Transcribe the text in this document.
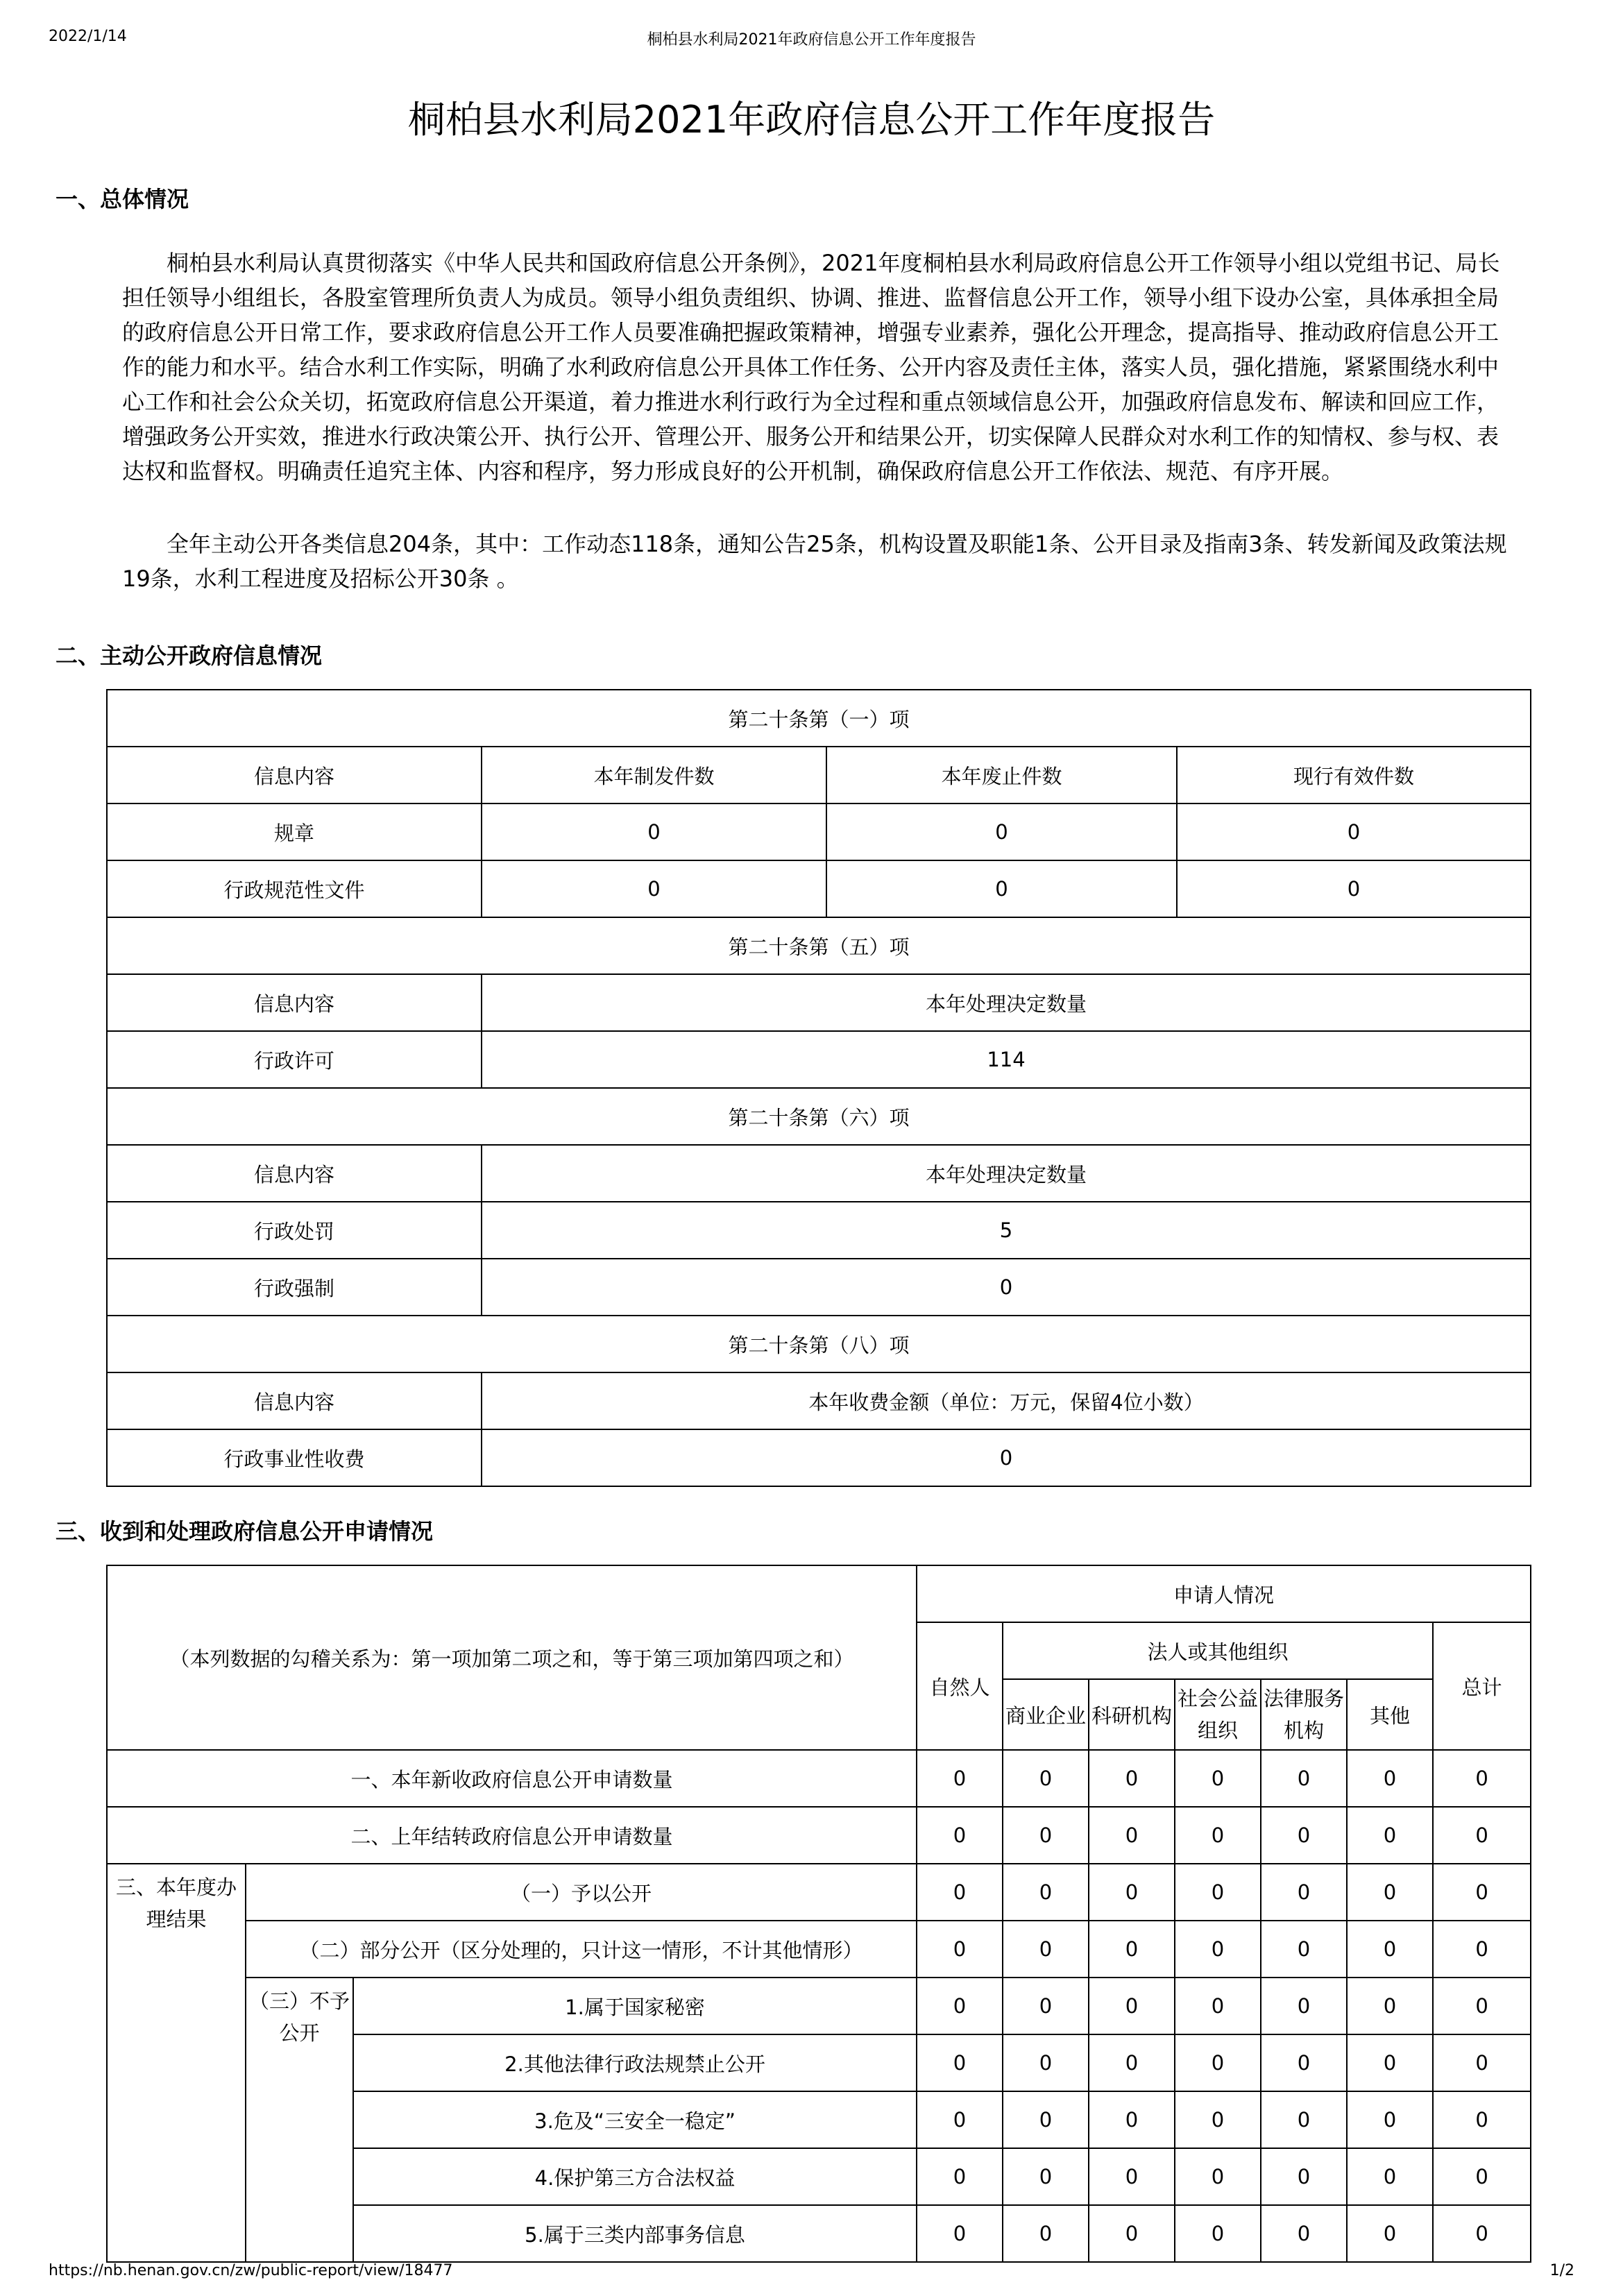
2022/1/14	桐柏县水利局2021年政府信息公开工作年度报告
桐柏县水利局2021年政府信息公开工作年度报告
一、总体情况

桐柏县水利局认真贯彻落实《中华人民共和国政府信息公开条例》，2021年度桐柏县水利局政府信息公开工作领导小组以党组书记、局长担任领导小组组长，各股室管理所负责人为成员。领导小组负责组织、协调、推进、监督信息公开工作，领导小组下设办公室，具体承担全局的政府信息公开日常工作，要求政府信息公开工作人员要准确把握政策精神，增强专业素养，强化公开理念，提高指导、推动政府信息公开工作的能力和水平。结合水利工作实际，明确了水利政府信息公开具体工作任务、公开内容及责任主体，落实人员，强化措施，紧紧围绕水利中心工作和社会公众关切，拓宽政府信息公开渠道，着力推进水利行政行为全过程和重点领域信息公开，加强政府信息发布、解读和回应工作，增强政务公开实效，推进水行政决策公开、执行公开、管理公开、服务公开和结果公开，切实保障人民群众对水利工作的知情权、参与权、表达权和监督权。明确责任追究主体、内容和程序，努力形成良好的公开机制，确保政府信息公开工作依法、规范、有序开展。

全年主动公开各类信息204条，其中：工作动态118条，通知公告25条，机构设置及职能1条、公开目录及指南3条、转发新闻及政策法规19条，水利工程进度及招标公开30条 。

二、主动公开政府信息情况
第二十条第（一）项			
信息内容	本年制发件数	本年废止件数	现行有效件数
规章	0	0	0
行政规范性文件	0	0	0
第二十条第（五）项			
信息内容	本年处理决定数量		
行政许可	114		
第二十条第（六）项			
信息内容	本年处理决定数量		
行政处罚	5		
行政强制	0		
第二十条第（八）项			
信息内容	本年收费金额（单位：万元，保留4位小数）		
行政事业性收费	0		
三、收到和处理政府信息公开申请情况
（本列数据的勾稽关系为：第一项加第二项之和，等于第三项加第四项之和）			申请人情况						
			自然人	法人或其他组织					总计
				商业企业	科研机构	社会公益组织	法律服务机构	其他	
一、本年新收政府信息公开申请数量			0	0	0	0	0	0	0
二、上年结转政府信息公开申请数量			0	0	0	0	0	0	0
三、本年度办理结果	（一）予以公开		0	0	0	0	0	0	0
	（二）部分公开（区分处理的，只计这一情形，不计其他情形）		0	0	0	0	0	0	0
	（三）不予公开	1.属于国家秘密	0	0	0	0	0	0	0
		2.其他法律行政法规禁止公开	0	0	0	0	0	0	0
		3.危及“三安全一稳定”	0	0	0	0	0	0	0
		4.保护第三方合法权益	0	0	0	0	0	0	0
		5.属于三类内部事务信息	0	0	0	0	0	0	0
https://nb.henan.gov.cn/zw/public-report/view/18477	1/2
